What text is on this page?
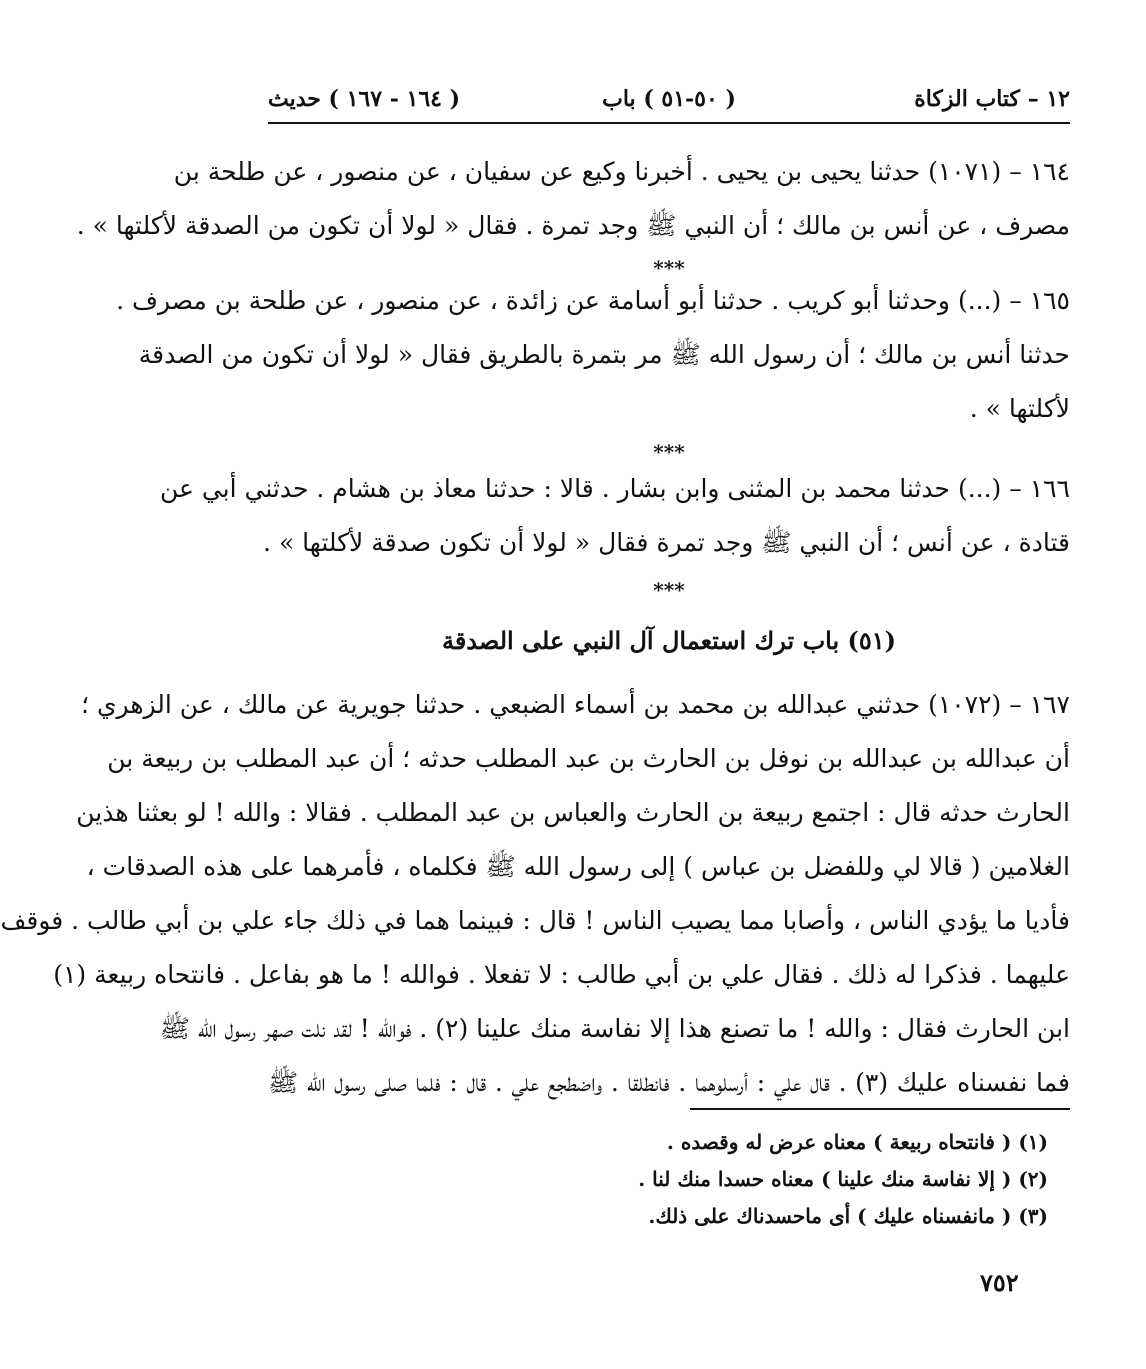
١٢ – كتاب الزكاة
( ٥٠-٥١ ) باب
( ١٦٤ - ١٦٧ ) حديث
١٦٤ – (١٠٧١) حدثنا يحيى بن يحيى . أخبرنا وكيع عن سفيان ، عن منصور ، عن طلحة بن
مصرف ، عن أنس بن مالك ؛ أن النبي ﷺ وجد تمرة . فقال « لولا أن تكون من الصدقة لأكلتها » .
***
١٦٥ – (...) وحدثنا أبو كريب . حدثنا أبو أسامة عن زائدة ، عن منصور ، عن طلحة بن مصرف .
حدثنا أنس بن مالك ؛ أن رسول الله ﷺ مر بتمرة بالطريق فقال « لولا أن تكون من الصدقة
لأكلتها » .
***
١٦٦ – (...) حدثنا محمد بن المثنى وابن بشار . قالا : حدثنا معاذ بن هشام . حدثني أبي عن
قتادة ، عن أنس ؛ أن النبي ﷺ وجد تمرة فقال « لولا أن تكون صدقة لأكلتها » .
***
(٥١) باب ترك استعمال آل النبي على الصدقة
١٦٧ – (١٠٧٢) حدثني عبدالله بن محمد بن أسماء الضبعي . حدثنا جويرية عن مالك ، عن الزهري ؛
أن عبدالله بن عبدالله بن نوفل بن الحارث بن عبد المطلب حدثه ؛ أن عبد المطلب بن ربيعة بن
الحارث حدثه قال : اجتمع ربيعة بن الحارث والعباس بن عبد المطلب . فقالا : والله ! لو بعثنا هذين
الغلامين ( قالا لي وللفضل بن عباس ) إلى رسول الله ﷺ فكلماه ، فأمرهما على هذه الصدقات ،
فأديا ما يؤدي الناس ، وأصابا مما يصيب الناس ! قال : فبينما هما في ذلك جاء علي بن أبي طالب . فوقف
عليهما . فذكرا له ذلك . فقال علي بن أبي طالب : لا تفعلا . فوالله ! ما هو بفاعل . فانتحاه ربيعة (١)
ابن الحارث فقال : والله ! ما تصنع هذا إلا نفاسة منك علينا (٢) . فوالله ! لقد نلت صهر رسول الله ﷺ
فما نفسناه عليك (٣) . قال علي : أرسلوهما . فانطلقا . واضطجع علي . قال : فلما صلى رسول الله ﷺ
(١) ( فانتحاه ربيعة ) معناه عرض له وقصده .
(٢) ( إلا نفاسة منك علينا ) معناه حسدا منك لنا .
(٣) ( مانفسناه عليك ) أى ماحسدناك على ذلك.
٧٥٢
